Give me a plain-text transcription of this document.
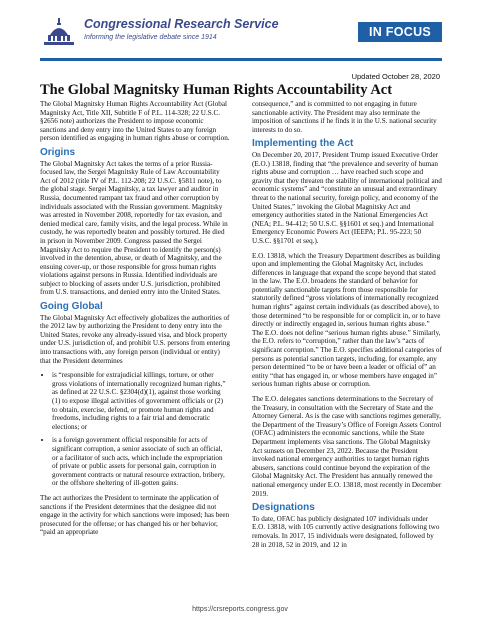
Congressional Research Service
Informing the legislative debate since 1914	IN FOCUS
Updated October 28, 2020
The Global Magnitsky Human Rights Accountability Act

The Global Magnitsky Human Rights Accountability Act (Global Magnitsky Act, Title XII, Subtitle F of P.L. 114-328; 22 U.S.C. §2656 note) authorizes the President to impose economic sanctions and deny entry into the United States to any foreign person identified as engaging in human rights abuse or corruption.

Origins

The Global Magnitsky Act takes the terms of a prior Russia-focused law, the Sergei Magnitsky Rule of Law Accountability Act of 2012 (title IV of P.L. 112-208; 22 U.S.C. §5811 note), to the global stage. Sergei Magnitsky, a tax lawyer and auditor in Russia, documented rampant tax fraud and other corruption by individuals associated with the Russian government. Magnitsky was arrested in November 2008, reportedly for tax evasion, and denied medical care, family visits, and the legal process. While in custody, he was reportedly beaten and possibly tortured. He died in prison in November 2009. Congress passed the Sergei Magnitsky Act to require the President to identify the person(s) involved in the detention, abuse, or death of Magnitsky, and the ensuing cover-up, or those responsible for gross human rights violations against persons in Russia. Identified individuals are subject to blocking of assets under U.S. jurisdiction, prohibited from U.S. transactions, and denied entry into the United States.

Going Global

The Global Magnitsky Act effectively globalizes the authorities of the 2012 law by authorizing the President to deny entry into the United States, revoke any already-issued visa, and block property under U.S. jurisdiction of, and prohibit U.S. persons from entering into transactions with, any foreign person (individual or entity) that the President determines

• is “responsible for extrajudicial killings, torture, or other gross violations of internationally recognized human rights,” as defined at 22 U.S.C. §2304(d)(1), against those working (1) to expose illegal activities of government officials or (2) to obtain, exercise, defend, or promote human rights and freedoms, including rights to a fair trial and democratic elections; or
• is a foreign government official responsible for acts of significant corruption, a senior associate of such an official, or a facilitator of such acts, which include the expropriation of private or public assets for personal gain, corruption in government contracts or natural resource extraction, bribery, or the offshore sheltering of ill-gotten gains.

The act authorizes the President to terminate the application of sanctions if the President determines that the designee did not engage in the activity for which sanctions were imposed; has been prosecuted for the offense; or has changed his or her behavior, “paid an appropriate

consequence,” and is committed to not engaging in future sanctionable activity. The President may also terminate the imposition of sanctions if he finds it in the U.S. national security interests to do so.

Implementing the Act

On December 20, 2017, President Trump issued Executive Order (E.O.) 13818, finding that “the prevalence and severity of human rights abuse and corruption … have reached such scope and gravity that they threaten the stability of international political and economic systems” and “constitute an unusual and extraordinary threat to the national security, foreign policy, and economy of the United States,” invoking the Global Magnitsky Act and emergency authorities stated in the National Emergencies Act (NEA; P.L. 94-412; 50 U.S.C. §§1601 et seq.) and International Emergency Economic Powers Act (IEEPA; P.L. 95-223; 50 U.S.C. §§1701 et seq.).

E.O. 13818, which the Treasury Department describes as building upon and implementing the Global Magnitsky Act, includes differences in language that expand the scope beyond that stated in the law. The E.O. broadens the standard of behavior for potentially sanctionable targets from those responsible for statutorily defined “gross violations of internationally recognized human rights” against certain individuals (as described above), to those determined “to be responsible for or complicit in, or to have directly or indirectly engaged in, serious human rights abuse.” The E.O. does not define “serious human rights abuse.” Similarly, the E.O. refers to “corruption,” rather than the law’s “acts of significant corruption.” The E.O. specifies additional categories of persons as potential sanction targets, including, for example, any person determined “to be or have been a leader or official of” an entity “that has engaged in, or whose members have engaged in” serious human rights abuse or corruption.

The E.O. delegates sanctions determinations to the Secretary of the Treasury, in consultation with the Secretary of State and the Attorney General. As is the case with sanctions regimes generally, the Department of the Treasury’s Office of Foreign Assets Control (OFAC) administers the economic sanctions, while the State Department implements visa sanctions. The Global Magnitsky Act sunsets on December 23, 2022. Because the President invoked national emergency authorities to target human rights abusers, sanctions could continue beyond the expiration of the Global Magnitsky Act. The President has annually renewed the national emergency under E.O. 13818, most recently in December 2019.

Designations

To date, OFAC has publicly designated 107 individuals under E.O. 13818, with 105 currently active designations following two removals. In 2017, 15 individuals were designated, followed by 28 in 2018, 52 in 2019, and 12 in

https://crsreports.congress.gov
